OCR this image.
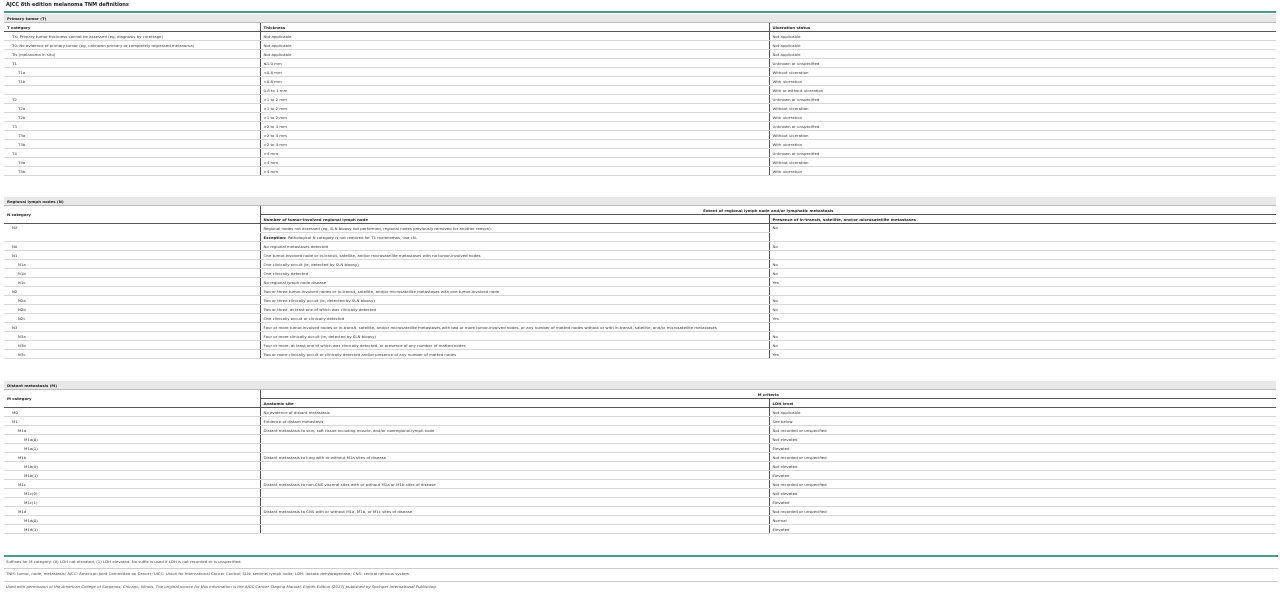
AJCC 8th edition melanoma TNM definitions
Primary tumor (T)		
T category	Thickness	Ulceration status
TX: Primary tumor thickness cannot be assessed (eg, diagnosis by curettage)	Not applicable	Not applicable
T0: No evidence of primary tumor (eg, unknown primary or completely regressed melanoma)	Not applicable	Not applicable
Tis (melanoma in situ)	Not applicable	Not applicable
T1	≤1.0 mm	Unknown or unspecified
T1a	<0.8 mm	Without ulceration
T1b	<0.8 mm	With ulceration
	0.8 to 1 mm	With or without ulceration
T2	>1 to 2 mm	Unknown or unspecified
T2a	>1 to 2 mm	Without ulceration
T2b	>1 to 2 mm	With ulceration
T3	>2 to 4 mm	Unknown or unspecified
T3a	>2 to 4 mm	Without ulceration
T3b	>2 to 4 mm	With ulceration
T4	>4 mm	Unknown or unspecified
T4a	>4 mm	Without ulceration
T4b	>4 mm	With ulceration
Regional lymph nodes (N)		
N category	Extent of regional lymph node and/or lymphatic metastasis	
	Number of tumor-involved regional lymph node	Presence of in-transit, satellite, and/or microsatellite metastases
NX	Regional nodes not assessed (eg, SLN biopsy not performed, regional nodes previously removed for another reason).	No
	Exception: Pathological N category is not required for T1 melanomas, use cN.	
N0	No regional metastases detected	No
N1	One tumor-involved node or in-transit, satellite, and/or microsatellite metastases with no tumor-involved nodes	
N1a	One clinically occult (ie, detected by SLN biopsy)	No
N1b	One clinically detected	No
N1c	No regional lymph node disease	Yes
N2	Two or three tumor-involved nodes or in-transit, satellite, and/or microsatellite metastases with one tumor-involved node	
N2a	Two or three clinically occult (ie, detected by SLN biopsy)	No
N2b	Two or three, at least one of which was clinically detected	No
N2c	One clinically occult or clinically detected	Yes
N3	Four or more tumor-involved nodes or in-transit, satellite, and/or microsatellite metastases with two or more tumor-involved nodes, or any number of matted nodes without or with in-transit, satellite, and/or microsatellite metastases	
N3a	Four or more clinically occult (ie, detected by SLN biopsy)	No
N3b	Four or more, at least one of which was clinically detected, or presence of any number of matted nodes	No
N3c	Two or more clinically occult or clinically detected and/or presence of any number of matted nodes	Yes
Distant metastasis (M)		
M category	M criteria	
	Anatomic site	LDH level
M0	No evidence of distant metastasis	Not applicable
M1	Evidence of distant metastasis	See below
M1a	Distant metastasis to skin, soft tissue including muscle, and/or nonregional lymph node	Not recorded or unspecified
M1a(0)		Not elevated
M1a(1)		Elevated
M1b	Distant metastasis to lung with or without M1a sites of disease	Not recorded or unspecified
M1b(0)		Not elevated
M1b(1)		Elevated
M1c	Distant metastasis to non-CNS visceral sites with or without M1a or M1b sites of disease	Not recorded or unspecified
M1c(0)		Not elevated
M1c(1)		Elevated
M1d	Distant metastasis to CNS with or without M1a, M1b, or M1c sites of disease	Not recorded or unspecified
M1d(0)		Normal
M1d(1)		Elevated
Suffixes for M category: (0) LDH not elevated, (1) LDH elevated. No suffix is used if LDH is not recorded or is unspecified.
TNM: tumor, node, metastasis; AJCC: American Joint Committee on Cancer; UICC: Union for International Cancer Control; SLN: sentinel lymph node; LDH: lactate dehydrogenase; CNS: central nervous system.
Used with permission of the American College of Surgeons, Chicago, Illinois. The original source for this information is the AJCC Cancer Staging Manual, Eighth Edition (2017) published by Springer International Publishing.
